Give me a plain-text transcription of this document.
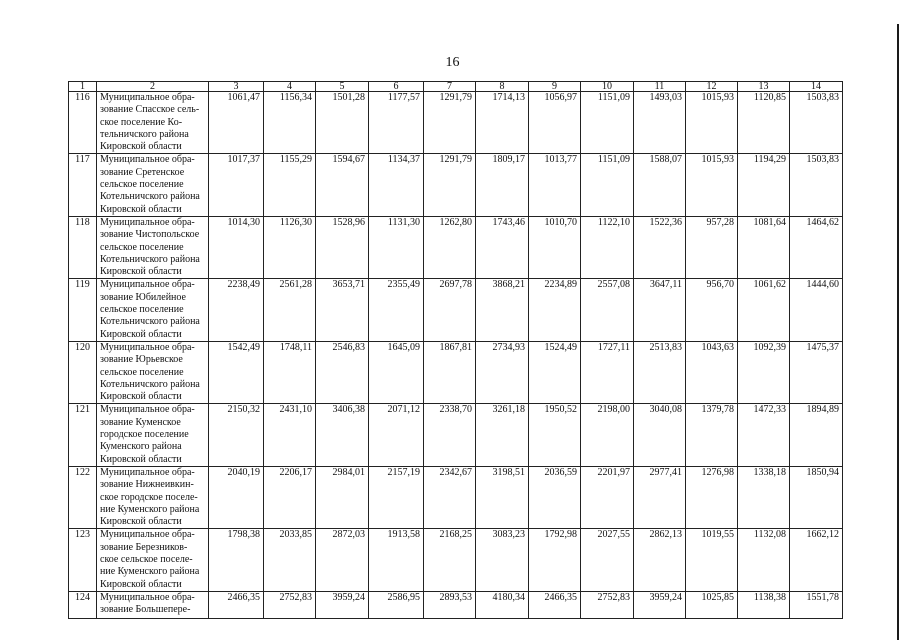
16
1	2	3	4	5	6	7	8	9	10	11	12	13	14
116	Муниципальное обра-
зование Спасское сель-
ское поселение Ко-
тельничского района
Кировской области	1061,47	1156,34	1501,28	1177,57	1291,79	1714,13	1056,97	1151,09	1493,03	1015,93	1120,85	1503,83
117	Муниципальное обра-
зование Сретенское
сельское поселение
Котельничского района
Кировской области	1017,37	1155,29	1594,67	1134,37	1291,79	1809,17	1013,77	1151,09	1588,07	1015,93	1194,29	1503,83
118	Муниципальное обра-
зование Чистопольское
сельское поселение
Котельничского района
Кировской области	1014,30	1126,30	1528,96	1131,30	1262,80	1743,46	1010,70	1122,10	1522,36	957,28	1081,64	1464,62
119	Муниципальное обра-
зование Юбилейное
сельское поселение
Котельничского района
Кировской области	2238,49	2561,28	3653,71	2355,49	2697,78	3868,21	2234,89	2557,08	3647,11	956,70	1061,62	1444,60
120	Муниципальное обра-
зование Юрьевское
сельское поселение
Котельничского района
Кировской области	1542,49	1748,11	2546,83	1645,09	1867,81	2734,93	1524,49	1727,11	2513,83	1043,63	1092,39	1475,37
121	Муниципальное обра-
зование Куменское
городское поселение
Куменского района
Кировской области	2150,32	2431,10	3406,38	2071,12	2338,70	3261,18	1950,52	2198,00	3040,08	1379,78	1472,33	1894,89
122	Муниципальное обра-
зование Нижнеивкин-
ское городское поселе-
ние Куменского района
Кировской области	2040,19	2206,17	2984,01	2157,19	2342,67	3198,51	2036,59	2201,97	2977,41	1276,98	1338,18	1850,94
123	Муниципальное обра-
зование Березников-
ское сельское поселе-
ние Куменского района
Кировской области	1798,38	2033,85	2872,03	1913,58	2168,25	3083,23	1792,98	2027,55	2862,13	1019,55	1132,08	1662,12
124	Муниципальное обра-
зование Большепере-	2466,35	2752,83	3959,24	2586,95	2893,53	4180,34	2466,35	2752,83	3959,24	1025,85	1138,38	1551,78
